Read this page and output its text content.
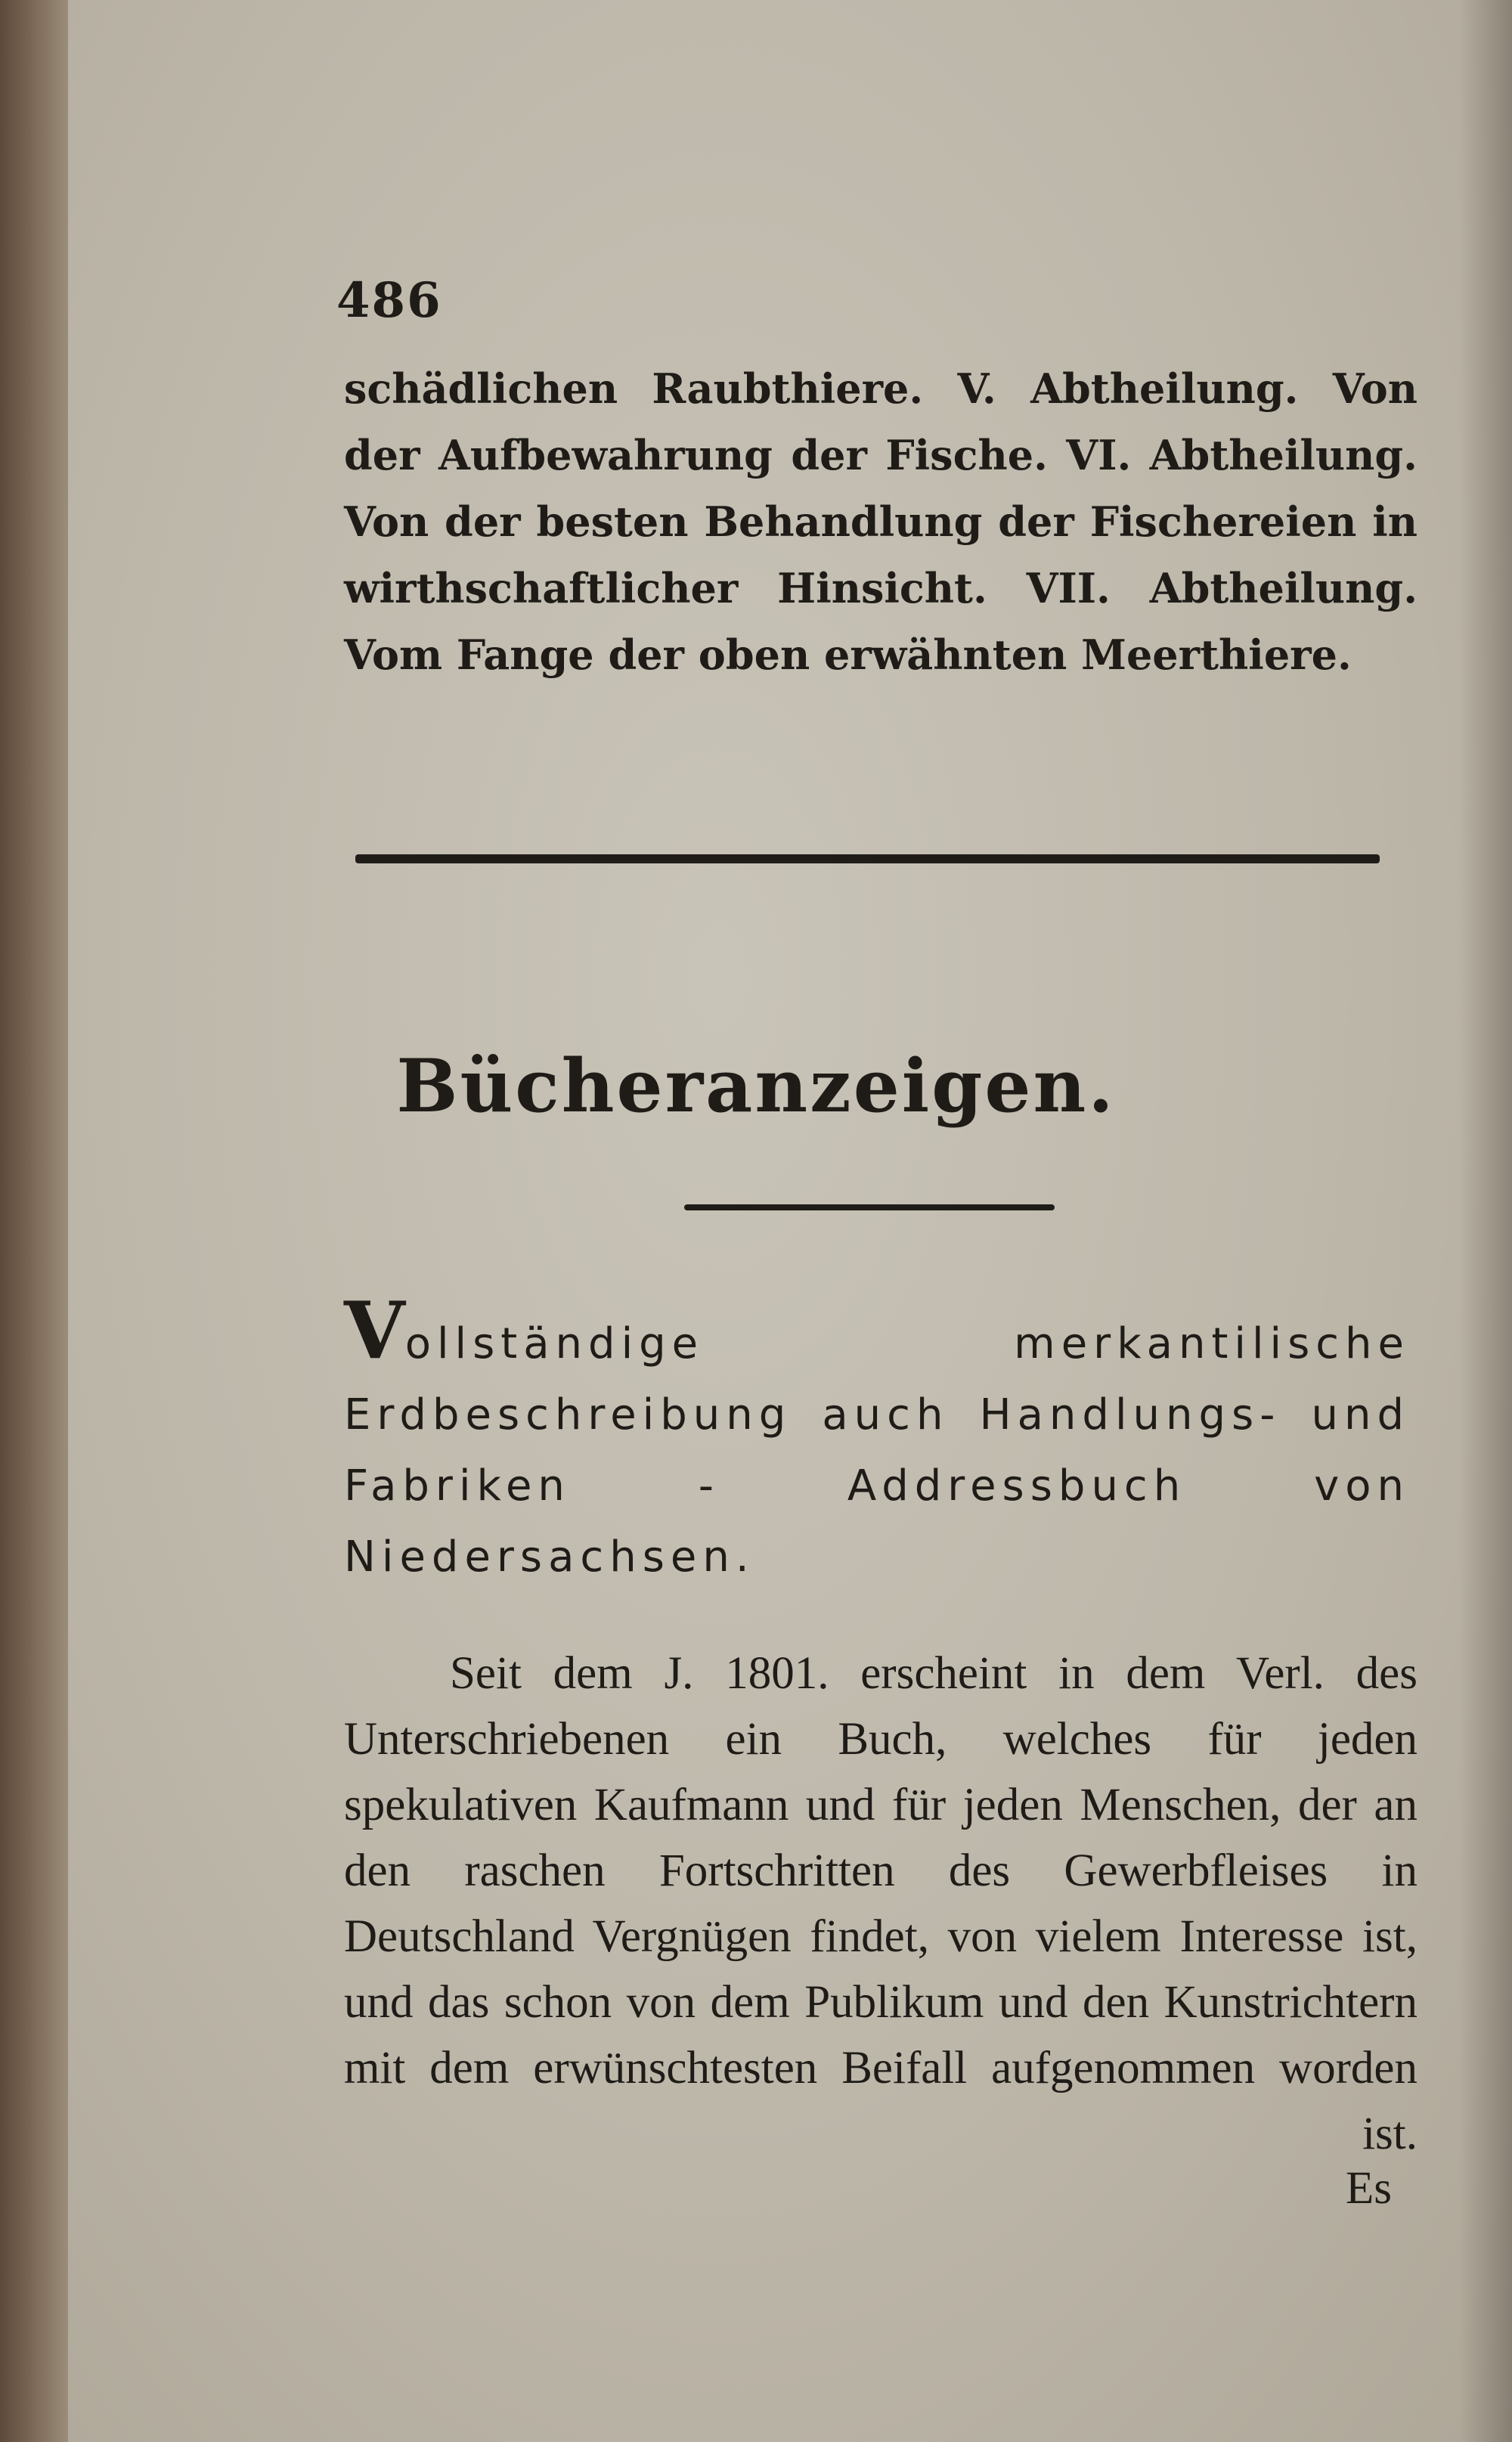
486
schädlichen Raubthiere. V. Abtheilung. Von der Aufbewahrung der Fische. VI. Abtheilung. Von der besten Behandlung der Fischereien in wirthschaftlicher Hinsicht. VII. Abtheilung. Vom Fange der oben erwähnten Meerthiere.
Bücheranzeigen.
Vollständige merkantilische Erdbeschreibung auch Handlungs- und Fabriken - Addressbuch von Niedersachsen.
Seit dem J. 1801. erscheint in dem Verl. des Unterschriebenen ein Buch, welches für jeden spekulativen Kaufmann und für jeden Menschen, der an den raschen Fortschritten des Gewerbfleises in Deutschland Vergnügen findet, von vielem Interesse ist, und das schon von dem Publikum und den Kunstrichtern mit dem erwünschtesten Beifall aufgenommen worden ist.
Es
